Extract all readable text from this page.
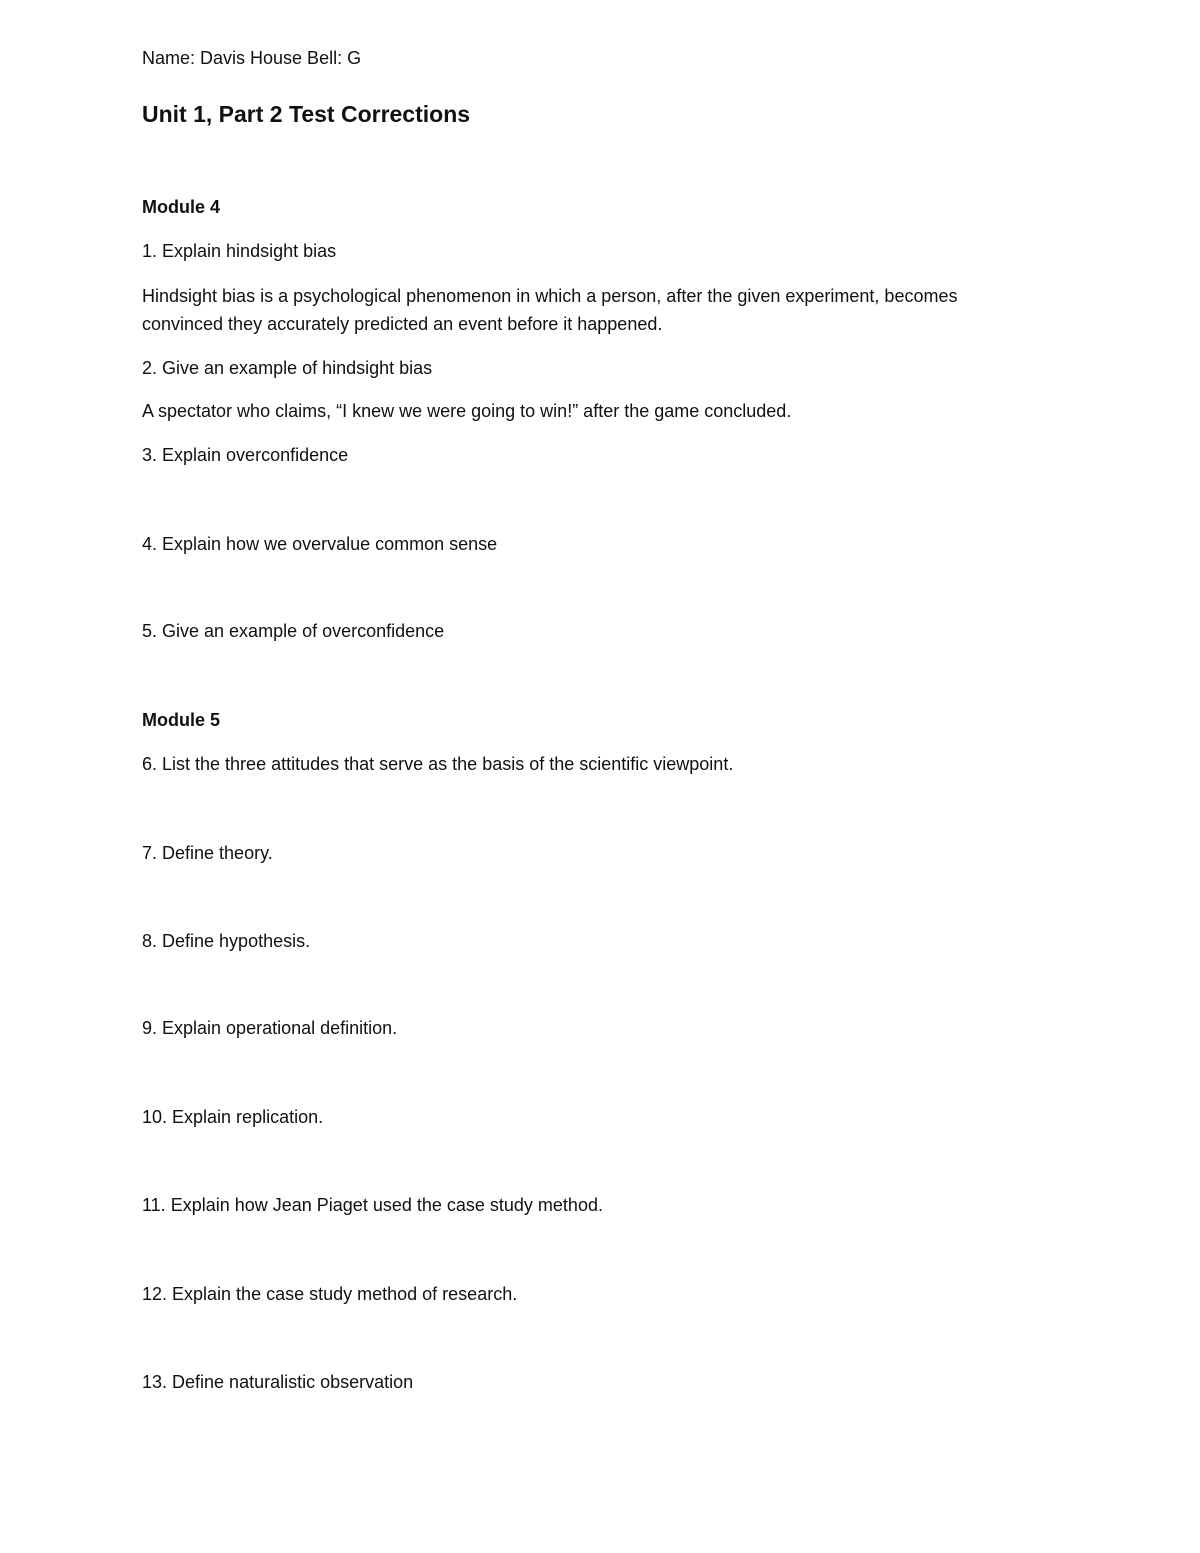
Name: Davis House Bell: G

Unit 1, Part 2 Test Corrections
Module 4

1. Explain hindsight bias

Hindsight bias is a psychological phenomenon in which a person, after the given experiment, becomes

convinced they accurately predicted an event before it happened.

2. Give an example of hindsight bias

A spectator who claims, “I knew we were going to win!” after the game concluded.

3. Explain overconfidence

4. Explain how we overvalue common sense

5. Give an example of overconfidence

Module 5

6. List the three attitudes that serve as the basis of the scientific viewpoint.

7. Define theory.

8. Define hypothesis.

9. Explain operational definition.

10. Explain replication.

11. Explain how Jean Piaget used the case study method.

12. Explain the case study method of research.

13. Define naturalistic observation
